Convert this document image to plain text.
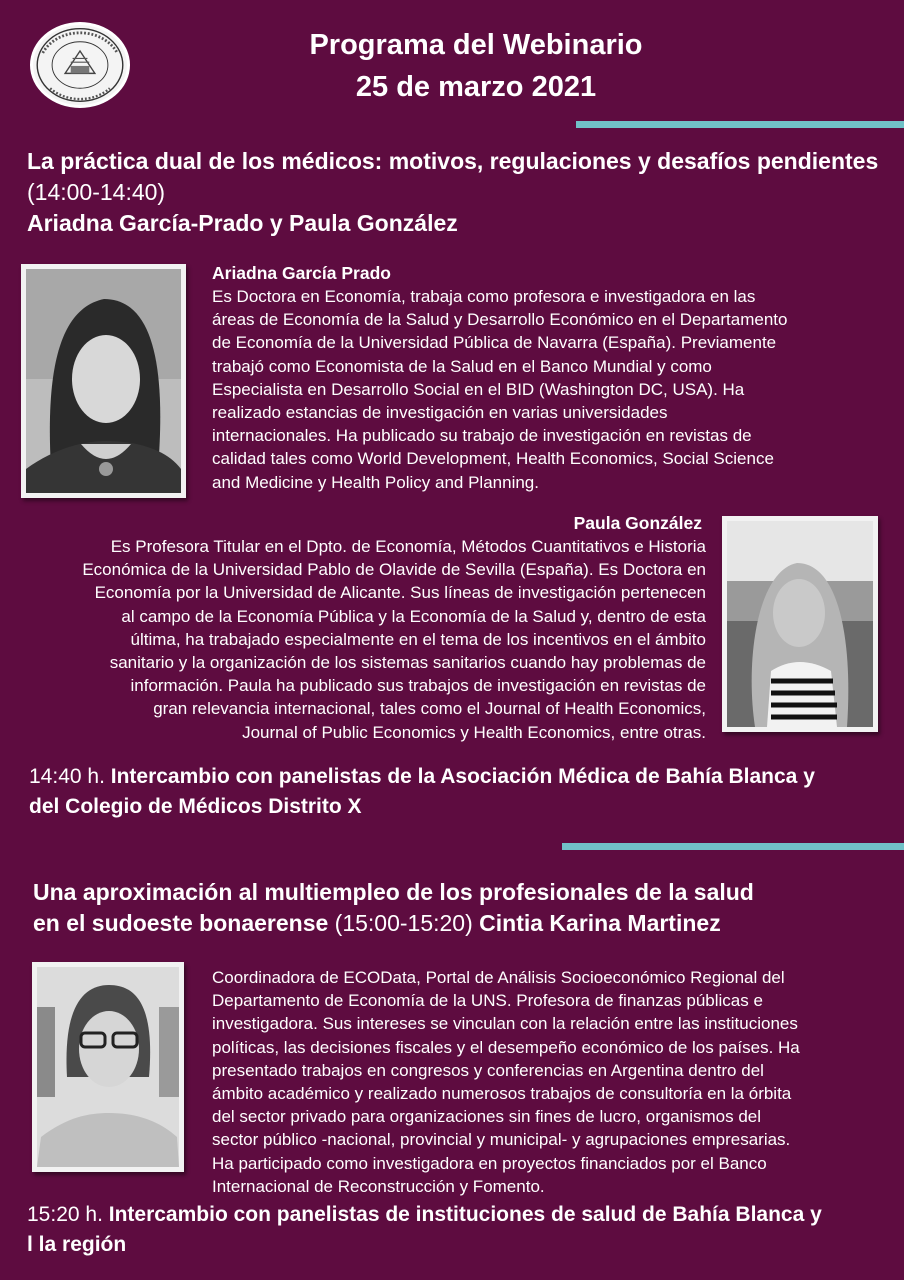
Programa del Webinario
25 de marzo 2021
La práctica dual de los médicos: motivos, regulaciones y desafíos pendientes (14:00-14:40)
Ariadna García-Prado y Paula González
Ariadna García Prado
Es Doctora en Economía, trabaja como profesora e investigadora en las
áreas de Economía de la Salud y Desarrollo Económico en el Departamento
de Economía de la Universidad Pública de Navarra (España). Previamente
trabajó como Economista de la Salud en el Banco Mundial y como
Especialista en Desarrollo Social en el BID (Washington DC, USA). Ha
realizado estancias de investigación en varias universidades
internacionales. Ha publicado su trabajo de investigación en revistas de
calidad tales como World Development, Health Economics, Social Science
and Medicine y Health Policy and Planning.
Paula González
Es Profesora Titular en el Dpto. de Economía, Métodos Cuantitativos e Historia
Económica de la Universidad Pablo de Olavide de Sevilla (España). Es Doctora en
Economía por la Universidad de Alicante. Sus líneas de investigación pertenecen
al campo de la Economía Pública y la Economía de la Salud y, dentro de esta
última, ha trabajado especialmente en el tema de los incentivos en el ámbito
sanitario y la organización de los sistemas sanitarios cuando hay problemas de
información. Paula ha publicado sus trabajos de investigación en revistas de
gran relevancia internacional, tales como el Journal of Health Economics,
Journal of Public Economics y Health Economics, entre otras.
14:40 h. Intercambio con panelistas de la Asociación Médica de Bahía Blanca y
del Colegio de Médicos Distrito X
Una aproximación al multiempleo de los profesionales de la salud
en el sudoeste bonaerense (15:00-15:20) Cintia Karina Martinez
Coordinadora de ECOData, Portal de Análisis Socioeconómico Regional del
Departamento de Economía de la UNS. Profesora de finanzas públicas e
investigadora. Sus intereses se vinculan con la relación entre las instituciones
políticas, las decisiones fiscales y el desempeño económico de los países. Ha
presentado trabajos en congresos y conferencias en Argentina dentro del
ámbito académico y realizado numerosos trabajos de consultoría en la órbita
del sector privado para organizaciones sin fines de lucro, organismos del
sector público -nacional, provincial y municipal- y agrupaciones empresarias.
Ha participado como investigadora en proyectos financiados por el Banco
Internacional de Reconstrucción y Fomento.
15:20 h. Intercambio con panelistas de instituciones de salud de Bahía Blanca y
l la región
